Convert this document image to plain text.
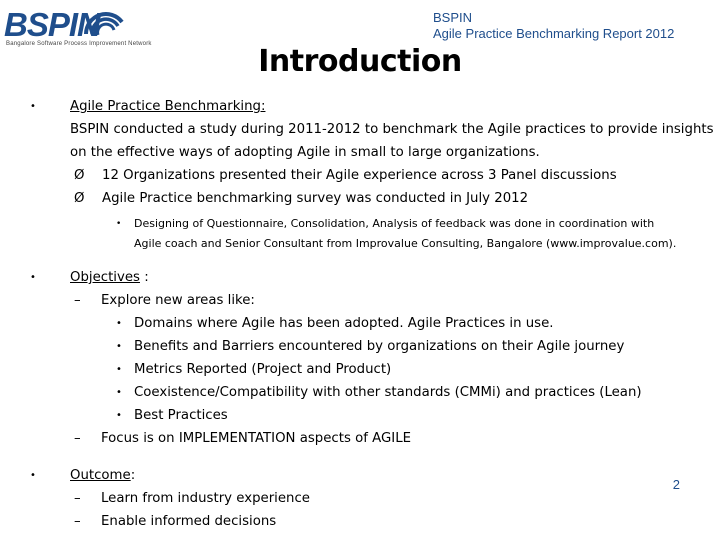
BSPIN
Bangalore Software Process Improvement Network
BSPIN
Agile Practice Benchmarking Report 2012
Introduction
•	Agile Practice Benchmarking:
BSPIN conducted a study during 2011-2012 to benchmark the Agile practices to provide insights
on the effective ways of adopting Agile in small to large organizations.
Ø 12 Organizations presented their Agile experience across 3 Panel discussions
Ø Agile Practice benchmarking survey was conducted in July 2012
• Designing of Questionnaire, Consolidation, Analysis of feedback was done in coordination with
Agile coach and Senior Consultant from Improvalue Consulting, Bangalore (www.improvalue.com).
•	Objectives :
– Explore new areas like:
• Domains where Agile has been adopted. Agile Practices in use.
• Benefits and Barriers encountered by organizations on their Agile journey
• Metrics Reported (Project and Product)
• Coexistence/Compatibility with other standards (CMMi) and practices (Lean)
• Best Practices
– Focus is on IMPLEMENTATION aspects of AGILE
•	Outcome:
– Learn from industry experience
– Enable informed decisions
2
